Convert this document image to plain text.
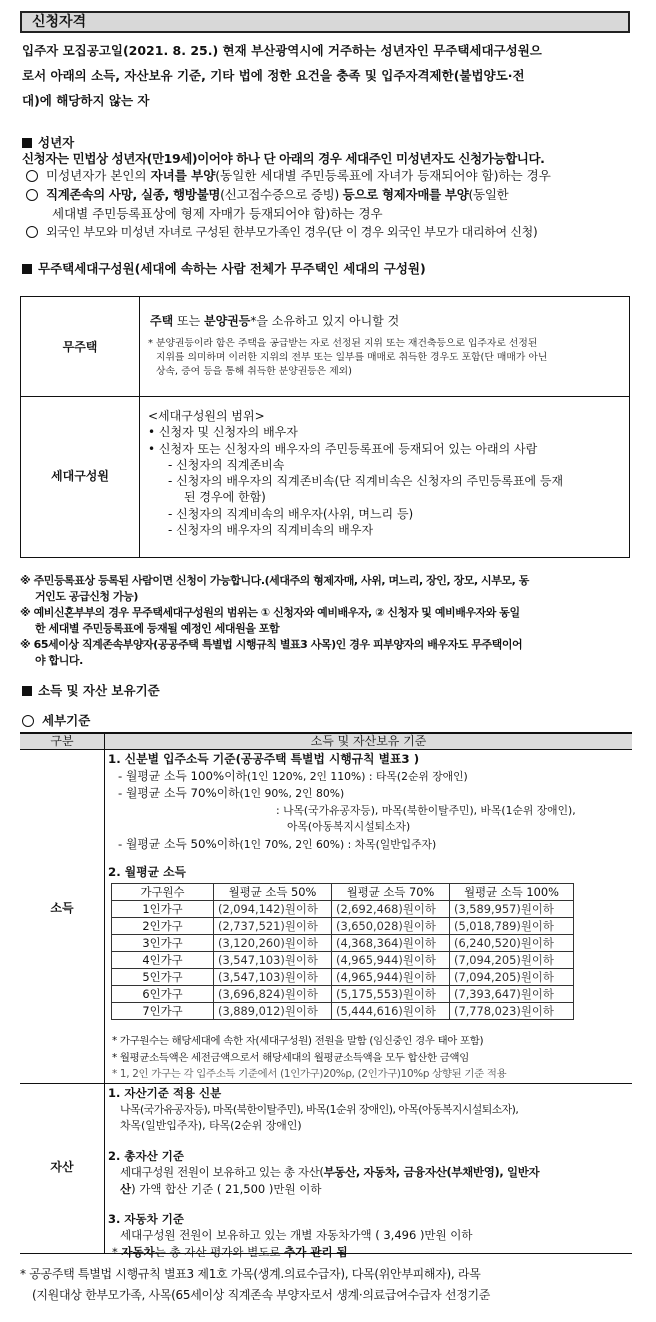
신청자격
입주자 모집공고일(2021. 8. 25.) 현재 부산광역시에 거주하는 성년자인 무주택세대구성원으
로서 아래의 소득, 자산보유 기준, 기타 법에 정한 요건을 충족 및 입주자격제한(불법양도·전
대)에 해당하지 않는 자
성년자
신청자는 민법상 성년자(만19세)이어야 하나 단 아래의 경우 세대주인 미성년자도 신청가능합니다.
미성년자가 본인의 자녀를 부양(동일한 세대별 주민등록표에 자녀가 등재되어야 함)하는 경우
직계존속의 사망, 실종, 행방불명(신고접수증으로 증빙) 등으로 형제자매를 부양(동일한
세대별 주민등록표상에 형제 자매가 등재되어야 함)하는 경우
외국인 부모와 미성년 자녀로 구성된 한부모가족인 경우(단 이 경우 외국인 부모가 대리하여 신청)
무주택세대구성원(세대에 속하는 사람 전체가 무주택인 세대의 구성원)
무주택
주택 또는 분양권등*을 소유하고 있지 아니할 것
* 분양권등이라 함은 주택을 공급받는 자로 선정된 지위 또는 재건축등으로 입주자로 선정된
지위를 의미하며 이러한 지위의 전부 또는 일부를 매매로 취득한 경우도 포함(단 매매가 아닌
상속, 증여 등을 통해 취득한 분양권등은 제외)
세대구성원
<세대구성원의 범위>
• 신청자 및 신청자의 배우자
• 신청자 또는 신청자의 배우자의 주민등록표에 등재되어 있는 아래의 사람
- 신청자의 직계존비속
- 신청자의 배우자의 직계존비속(단 직계비속은 신청자의 주민등록표에 등재
된 경우에 한함)
- 신청자의 직계비속의 배우자(사위, 며느리 등)
- 신청자의 배우자의 직계비속의 배우자
※ 주민등록표상 등록된 사람이면 신청이 가능합니다.(세대주의 형제자매, 사위, 며느리, 장인, 장모, 시부모, 동
거인도 공급신청 가능)
※ 예비신혼부부의 경우 무주택세대구성원의 범위는 ① 신청자와 예비배우자, ② 신청자 및 예비배우자와 동일
한 세대별 주민등록표에 등재될 예정인 세대원을 포함
※ 65세이상 직계존속부양자(공공주택 특별법 시행규칙 별표3 사목)인 경우 피부양자의 배우자도 무주택이어
야 합니다.
소득 및 자산 보유기준
세부기준
구분	소득 및 자산보유 기준
소득
1. 신분별 입주소득 기준(공공주택 특별법 시행규칙 별표3 )
- 월평균 소득 100%이하(1인 120%, 2인 110%) : 타목(2순위 장애인)
- 월평균 소득 70%이하(1인 90%, 2인 80%)
: 나목(국가유공자등), 마목(북한이탈주민), 바목(1순위 장애인),
아목(아동복지시설퇴소자)
- 월평균 소득 50%이하(1인 70%, 2인 60%) : 차목(일반입주자)
2. 월평균 소득
가구원수	월평균 소득 50%	월평균 소득 70%	월평균 소득 100%
1인가구	(2,094,142)원이하	(2,692,468)원이하	(3,589,957)원이하
2인가구	(2,737,521)원이하	(3,650,028)원이하	(5,018,789)원이하
3인가구	(3,120,260)원이하	(4,368,364)원이하	(6,240,520)원이하
4인가구	(3,547,103)원이하	(4,965,944)원이하	(7,094,205)원이하
5인가구	(3,547,103)원이하	(4,965,944)원이하	(7,094,205)원이하
6인가구	(3,696,824)원이하	(5,175,553)원이하	(7,393,647)원이하
7인가구	(3,889,012)원이하	(5,444,616)원이하	(7,778,023)원이하
* 가구원수는 해당세대에 속한 자(세대구성원) 전원을 말함 (임신중인 경우 태아 포함)
* 월평균소득액은 세전금액으로서 해당세대의 월평균소득액을 모두 합산한 금액임
* 1, 2인 가구는 각 입주소득 기준에서 (1인가구)20%p, (2인가구)10%p 상향된 기준 적용
자산
1. 자산기준 적용 신분
나목(국가유공자등), 마목(북한이탈주민), 바목(1순위 장애인), 아목(아동복지시설퇴소자),
차목(일반입주자), 타목(2순위 장애인)
2. 총자산 기준
세대구성원 전원이 보유하고 있는 총 자산(부동산, 자동차, 금융자산(부채반영), 일반자
산) 가액 합산 기준 ( 21,500 )만원 이하
3. 자동차 기준
세대구성원 전원이 보유하고 있는 개별 자동차가액 ( 3,496 )만원 이하
* 자동차는 총 자산 평가와 별도로 추가 관리 됨
* 공공주택 특별법 시행규칙 별표3 제1호 가목(생계.의료수급자), 다목(위안부피해자), 라목
(지원대상 한부모가족, 사목(65세이상 직계존속 부양자로서 생계·의료급여수급자 선정기준
